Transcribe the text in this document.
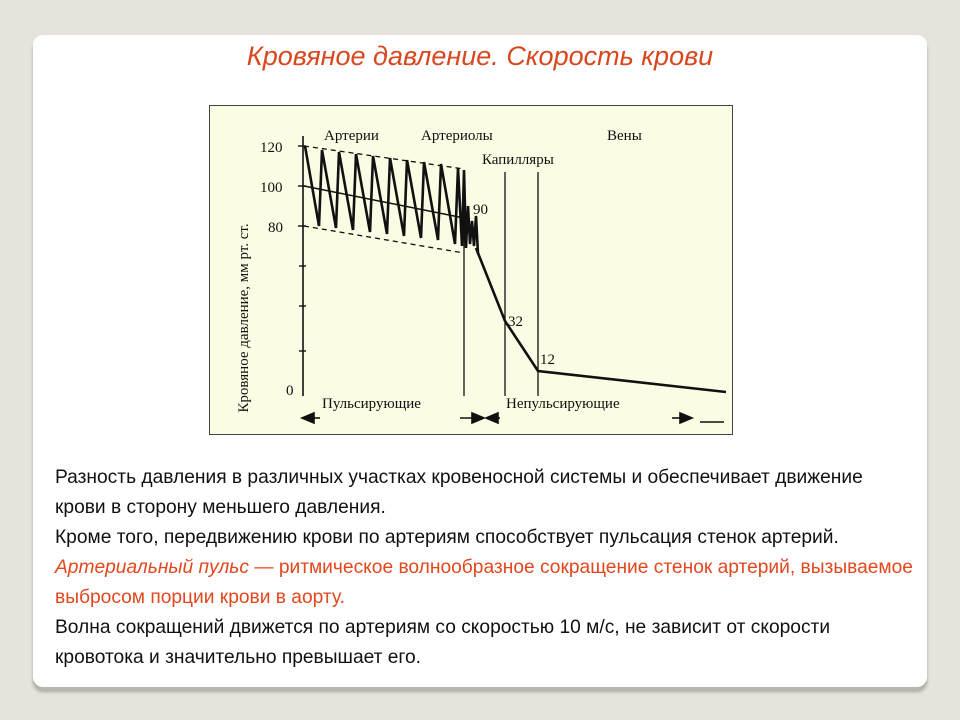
Кровяное давление. Скорость крови
Кровяное давление, мм рт. ст.
120
100
80
0
Артерии	Артериолы
Капилляры
Вены
90
32
12
Пульсирующие	Непульсирующие

Разность давления в различных участках кровеносной системы и обеспечивает движение крови в сторону меньшего давления.

Кроме того, передвижению крови по артериям способствует пульсация стенок артерий. Артериальный пульс — ритмическое волнообразное сокращение стенок артерий, вызываемое выбросом порции крови в аорту.

Волна сокращений движется по артериям со скоростью 10 м/с, не зависит от скорости кровотока и значительно превышает его.
